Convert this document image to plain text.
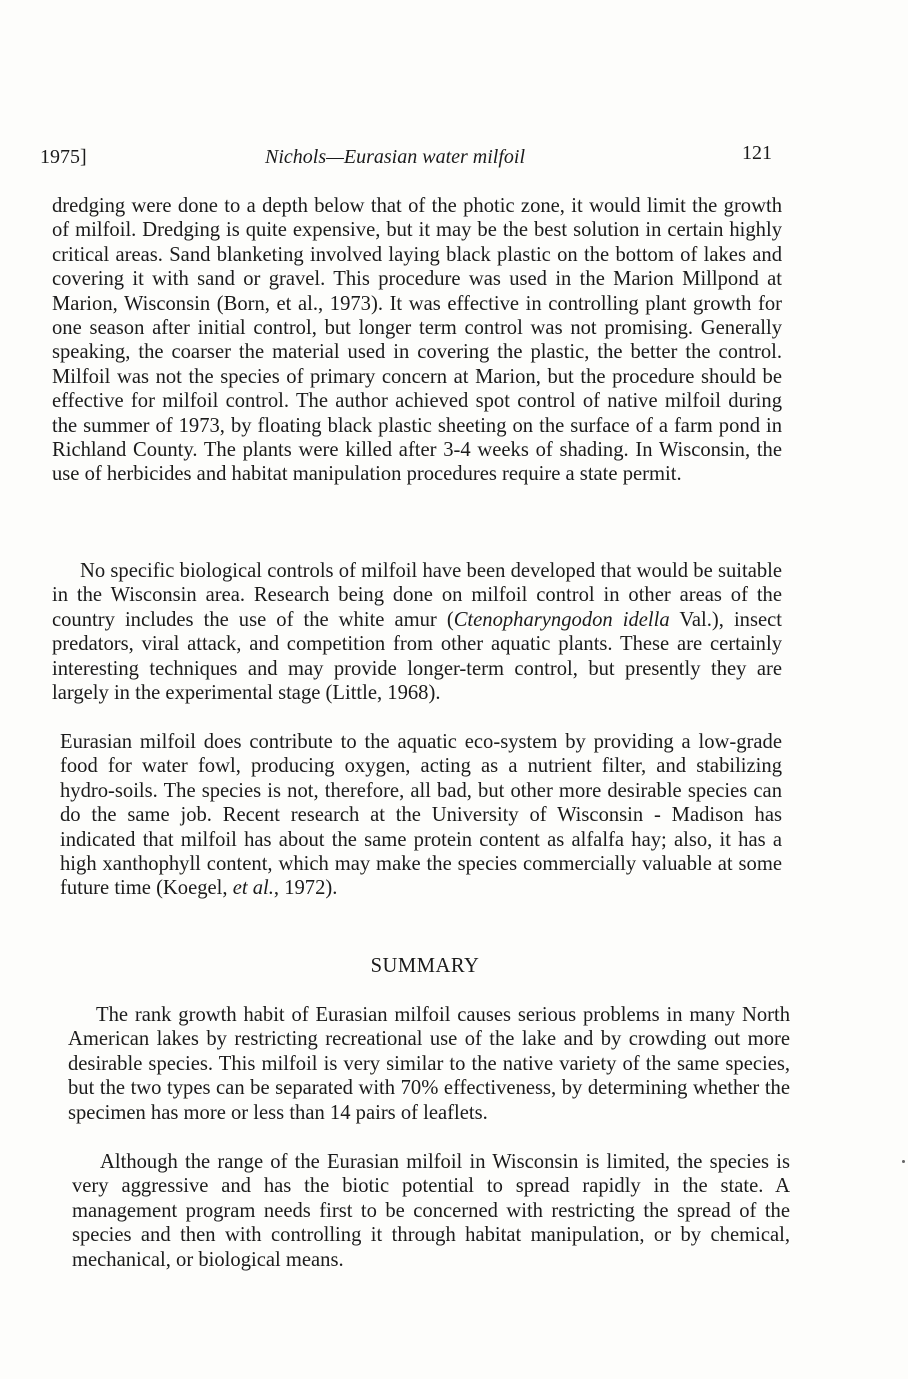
1975]	Nichols—Eurasian water milfoil	121

dredging were done to a depth below that of the photic zone, it would limit the growth of milfoil. Dredging is quite expensive, but it may be the best solution in certain highly critical areas. Sand blanketing involved laying black plastic on the bottom of lakes and covering it with sand or gravel. This procedure was used in the Marion Millpond at Marion, Wisconsin (Born, et al., 1973). It was effective in controlling plant growth for one season after initial control, but longer term control was not promising. Generally speaking, the coarser the material used in covering the plastic, the better the control. Milfoil was not the species of primary concern at Marion, but the procedure should be effective for milfoil control. The author achieved spot control of native milfoil during the summer of 1973, by floating black plastic sheeting on the surface of a farm pond in Richland County. The plants were killed after 3-4 weeks of shading. In Wisconsin, the use of herbicides and habitat manipulation procedures require a state permit.

No specific biological controls of milfoil have been developed that would be suitable in the Wisconsin area. Research being done on milfoil control in other areas of the country includes the use of the white amur (Ctenopharyngodon idella Val.), insect predators, viral attack, and competition from other aquatic plants. These are certainly interesting techniques and may provide longer-term control, but presently they are largely in the experimental stage (Little, 1968).

Eurasian milfoil does contribute to the aquatic eco-system by providing a low-grade food for water fowl, producing oxygen, acting as a nutrient filter, and stabilizing hydro-soils. The species is not, therefore, all bad, but other more desirable species can do the same job. Recent research at the University of Wisconsin - Madison has indicated that milfoil has about the same protein content as alfalfa hay; also, it has a high xanthophyll content, which may make the species commercially valuable at some future time (Koegel, et al., 1972).

SUMMARY

The rank growth habit of Eurasian milfoil causes serious problems in many North American lakes by restricting recreational use of the lake and by crowding out more desirable species. This milfoil is very similar to the native variety of the same species, but the two types can be separated with 70% effectiveness, by determining whether the specimen has more or less than 14 pairs of leaflets.

Although the range of the Eurasian milfoil in Wisconsin is limited, the species is very aggressive and has the biotic potential to spread rapidly in the state. A management program needs first to be concerned with restricting the spread of the species and then with controlling it through habitat manipulation, or by chemical, mechanical, or biological means.
